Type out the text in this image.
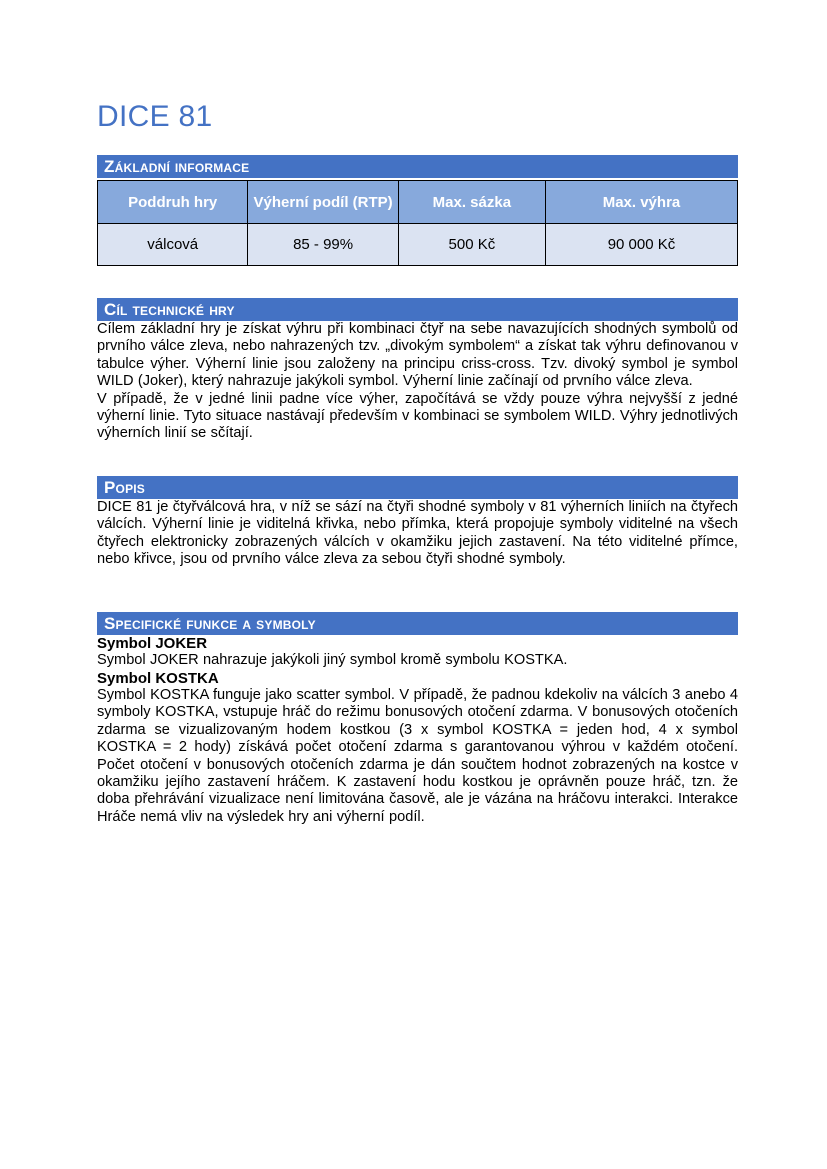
DICE 81
Základní informace
Poddruh hry	Výherní podíl (RTP)	Max. sázka	Max. výhra
válcová	85 - 99%	500 Kč	90 000 Kč
Cíl technické hry

Cílem základní hry je získat výhru při kombinaci čtyř na sebe navazujících shodných symbolů od prvního válce zleva, nebo nahrazených tzv. „divokým symbolem“ a získat tak výhru definovanou v tabulce výher. Výherní linie jsou založeny na principu criss-cross. Tzv. divoký symbol je symbol WILD (Joker), který nahrazuje jakýkoli symbol. Výherní linie začínají od prvního válce zleva.

V případě, že v jedné linii padne více výher, započítává se vždy pouze výhra nejvyšší z jedné výherní linie. Tyto situace nastávají především v kombinaci se symbolem WILD. Výhry jednotlivých výherních linií se sčítají.

Popis

DICE 81 je čtyřválcová hra, v níž se sází na čtyři shodné symboly v 81 výherních liniích na čtyřech válcích. Výherní linie je viditelná křivka, nebo přímka, která propojuje symboly viditelné na všech čtyřech elektronicky zobrazených válcích v okamžiku jejich zastavení. Na této viditelné přímce, nebo křivce, jsou od prvního válce zleva za sebou čtyři shodné symboly.

Specifické funkce a symboly
Symbol JOKER

Symbol JOKER nahrazuje jakýkoli jiný symbol kromě symbolu KOSTKA.

Symbol KOSTKA

Symbol KOSTKA funguje jako scatter symbol. V případě, že padnou kdekoliv na válcích 3 anebo 4 symboly KOSTKA, vstupuje hráč do režimu bonusových otočení zdarma. V bonusových otočeních zdarma se vizualizovaným hodem kostkou (3 x symbol KOSTKA = jeden hod, 4 x symbol KOSTKA = 2 hody) získává počet otočení zdarma s garantovanou výhrou v každém otočení. Počet otočení v bonusových otočeních zdarma je dán součtem hodnot zobrazených na kostce v okamžiku jejího zastavení hráčem. K zastavení hodu kostkou je oprávněn pouze hráč, tzn. že doba přehrávání vizualizace není limitována časově, ale je vázána na hráčovu interakci. Interakce Hráče nemá vliv na výsledek hry ani výherní podíl.
